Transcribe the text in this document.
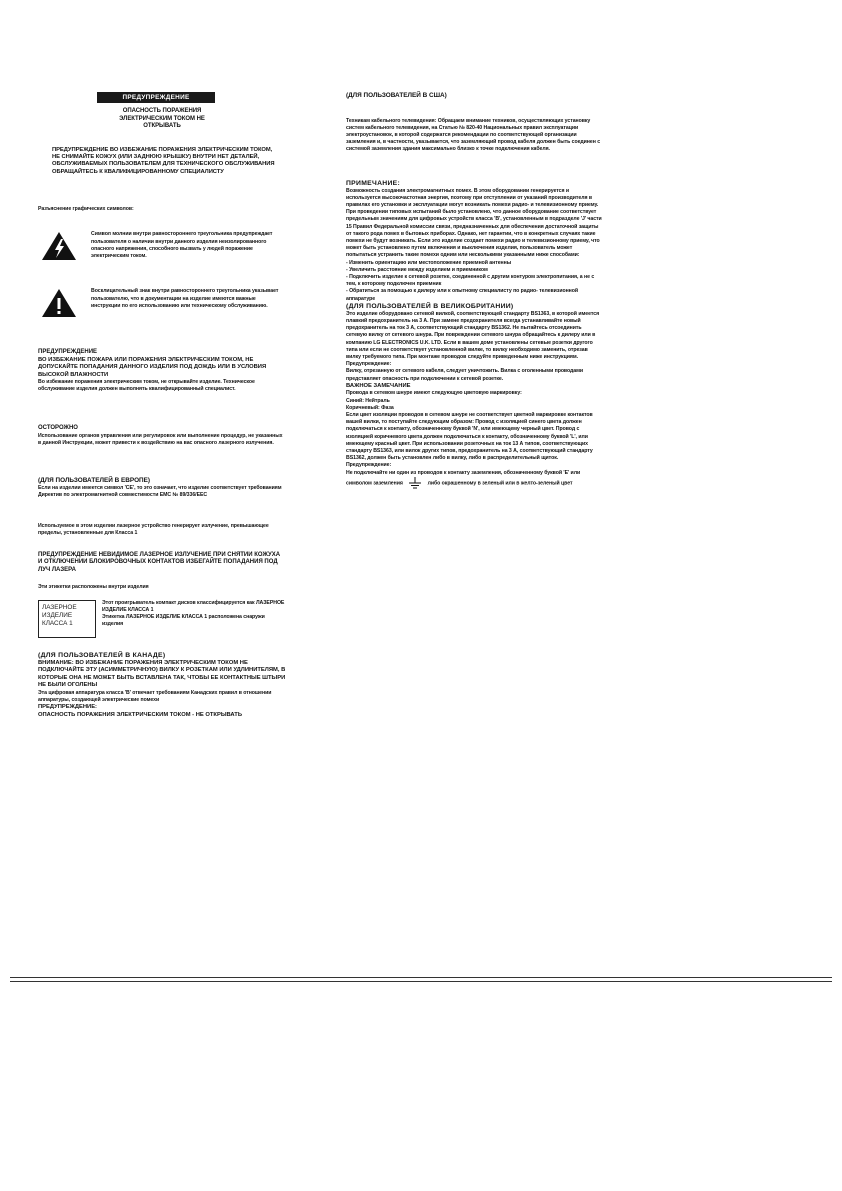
ПРЕДУПРЕЖДЕНИЕ

ОПАСНОСТЬ ПОРАЖЕНИЯ ЭЛЕКТРИЧЕСКИМ ТОКОМ НЕ ОТКРЫВАТЬ

ПРЕДУПРЕЖДЕНИЕ ВО ИЗБЕЖАНИЕ ПОРАЖЕНИЯ ЭЛЕКТРИЧЕСКИМ ТОКОМ, НЕ СНИМАЙТЕ КОЖУХ (ИЛИ ЗАДНЮЮ КРЫШКУ) ВНУТРИ НЕТ ДЕТАЛЕЙ, ОБСЛУЖИВАЕМЫХ ПОЛЬЗОВАТЕЛЕМ ДЛЯ ТЕХНИЧЕСКОГО ОБСЛУЖИВАНИЯ ОБРАЩАЙТЕСЬ К КВАЛИФИЦИРОВАННОМУ СПЕЦИАЛИСТУ

Разъяснение графических символов:

Символ молнии внутри равностороннего треугольника предупреждает пользователя о наличии внутри данного изделия неизолированного опасного напряжения, способного вызвать у людей поражение электрическим током.

Восклицательный знак внутри равностороннего треугольника указывает пользователю, что в документации на изделие имеются важные инструкции по его использованию или техническому обслуживанию.

ПРЕДУПРЕЖДЕНИЕ

ВО ИЗБЕЖАНИЕ ПОЖАРА ИЛИ ПОРАЖЕНИЯ ЭЛЕКТРИЧЕСКИМ ТОКОМ, НЕ ДОПУСКАЙТЕ ПОПАДАНИЯ ДАННОГО ИЗДЕЛИЯ ПОД ДОЖДЬ ИЛИ В УСЛОВИЯ ВЫСОКОЙ ВЛАЖНОСТИ

Во избежание поражения электрическим током, не открывайте изделие. Техническое обслуживание изделия должен выполнять квалифицированный специалист.

ОСТОРОЖНО

Использование органов управления или регулировок или выполнение процедур, не указанных в данной Инструкции, может привести к воздействию на вас опасного лазерного излучения.

(ДЛЯ ПОЛЬЗОВАТЕЛЕЙ В ЕВРОПЕ)

Если на изделии имеется символ 'CE', то это означает, что изделие соответствует требованиям Директив по электромагнитной совместимости EMC № 89/336/EEC

Используемое в этом изделии лазерное устройство генерирует излучение, превышающее пределы, установленные для Класса 1

ПРЕДУПРЕЖДЕНИЕ НЕВИДИМОЕ ЛАЗЕРНОЕ ИЗЛУЧЕНИЕ ПРИ СНЯТИИ КОЖУХА И ОТКЛЮЧЕНИИ БЛОКИРОВОЧНЫХ КОНТАКТОВ ИЗБЕГАЙТЕ ПОПАДАНИЯ ПОД ЛУЧ ЛАЗЕРА

Эти этикетки расположены внутри изделия

ЛАЗЕРНОЕ ИЗДЕЛИЕ КЛАССА 1

Этот проигрыватель компакт дисков классифицируется как ЛАЗЕРНОЕ ИЗДЕЛИЕ КЛАССА 1

Этикетка ЛАЗЕРНОЕ ИЗДЕЛИЕ КЛАССА 1 расположена снаружи изделия

(ДЛЯ ПОЛЬЗОВАТЕЛЕЙ В КАНАДЕ)

ВНИМАНИЕ: ВО ИЗБЕЖАНИЕ ПОРАЖЕНИЯ ЭЛЕКТРИЧЕСКИМ ТОКОМ НЕ ПОДКЛЮЧАЙТЕ ЭТУ (АСИММЕТРИЧНУЮ) ВИЛКУ К РОЗЕТКАМ ИЛИ УДЛИНИТЕЛЯМ, В КОТОРЫЕ ОНА НЕ МОЖЕТ БЫТЬ ВСТАВЛЕНА ТАК, ЧТОБЫ ЕЕ КОНТАКТНЫЕ ШТЫРИ НЕ БЫЛИ ОГОЛЕНЫ

Эта цифровая аппаратура класса 'B' отвечает требованиям Канадских правил в отношении аппаратуры, создающей электрические помехи

ПРЕДУПРЕЖДЕНИЕ:

ОПАСНОСТЬ ПОРАЖЕНИЯ ЭЛЕКТРИЧЕСКИМ ТОКОМ - НЕ ОТКРЫВАТЬ

(ДЛЯ ПОЛЬЗОВАТЕЛЕЙ В США)

Техникам кабельного телевидения: Обращаем внимание техников, осуществляющих установку систем кабельного телевидения, на Статью № 820-40 Национальных правил эксплуатации электроустановок, в которой содержатся рекомендации по соответствующей организации заземления и, в частности, указывается, что заземляющий провод кабеля должен быть соединен с системой заземления здания максимально близко к точке подключения кабеля.

ПРИМЕЧАНИЕ:

Возможность создания электромагнитных помех. В этом оборудовании генерируется и используется высокочастотная энергия, поэтому при отступлении от указаний производителя в правилах его установки и эксплуатации могут возникать помехи радио- и телевизионному приему. При проведении типовых испытаний было установлено, что данное оборудование соответствует предельным значениям для цифровых устройств класса 'B', установленным в подразделе 'J' части 15 Правил Федеральной комиссии связи, предназначенных для обеспечения достаточной защиты от такого рода помех в бытовых приборах. Однако, нет гарантии, что в конкретных случаях такие помехи не будут возникать. Если это изделие создает помехи радио и телевизионному приему, что может быть установлено путем включения и выключения изделия, пользователь может попытаться устранить такие помехи одним или несколькими указанными ниже способами:

- Изменить ориентацию или местоположение приемной антенны

- Увеличить расстояние между изделием и приемником

- Подключить изделие к сетевой розетке, соединенной с другим контуром электропитания, а не с тем, к которому подключен приемник

- Обратиться за помощью к дилеру или к опытному специалисту по радио- телевизионной аппаратуре

(ДЛЯ ПОЛЬЗОВАТЕЛЕЙ В ВЕЛИКОБРИТАНИИ)

Это изделие оборудовано сетевой вилкой, соответствующей стандарту BS1363, в которой имеется плавкий предохранитель на 3 А. При замене предохранителя всегда устанавливайте новый предохранитель на ток 3 А, соответствующий стандарту BS1362. Не пытайтесь отсоединить сетевую вилку от сетевого шнура. При повреждении сетевого шнура обращайтесь к дилеру или в компанию LG ELECTRONICS U.K. LTD. Если в вашем доме установлены сетевые розетки другого типа или если не соответствует установленной вилке, то вилку необходимо заменить, отрезав вилку требуемого типа. При монтаже проводов следуйте приведенным ниже инструкциям.

Предупреждение:

Вилку, отрезанную от сетевого кабеля, следует уничтожить. Вилка с оголенными проводами представляет опасность при подключении к сетевой розетке.

ВАЖНОЕ ЗАМЕЧАНИЕ

Провода в сетевом шнуре имеют следующую цветовую маркировку:

Синий: Нейтраль

Коричневый: Фаза

Если цвет изоляции проводов в сетевом шнуре не соответствует цветной маркировке контактов вашей вилки, то поступайте следующим образом: Провод с изоляцией синего цвета должен подключаться к контакту, обозначенному буквой 'N', или имеющему черный цвет. Провод с изоляцией коричневого цвета должен подключаться к контакту, обозначенному буквой 'L', или имеющему красный цвет. При использовании розеточных на ток 13 А типов, соответствующих стандарту BS1363, или вилок других типов, предохранитель на 3 А, соответствующий стандарту BS1362, должен быть установлен либо в вилку, либо в распределительный щиток.

Предупреждение:

Не подключайте ни один из проводов к контакту заземления, обозначенному буквой 'E' или символом заземления	либо окрашенному в зеленый или в желто-зеленый цвет
